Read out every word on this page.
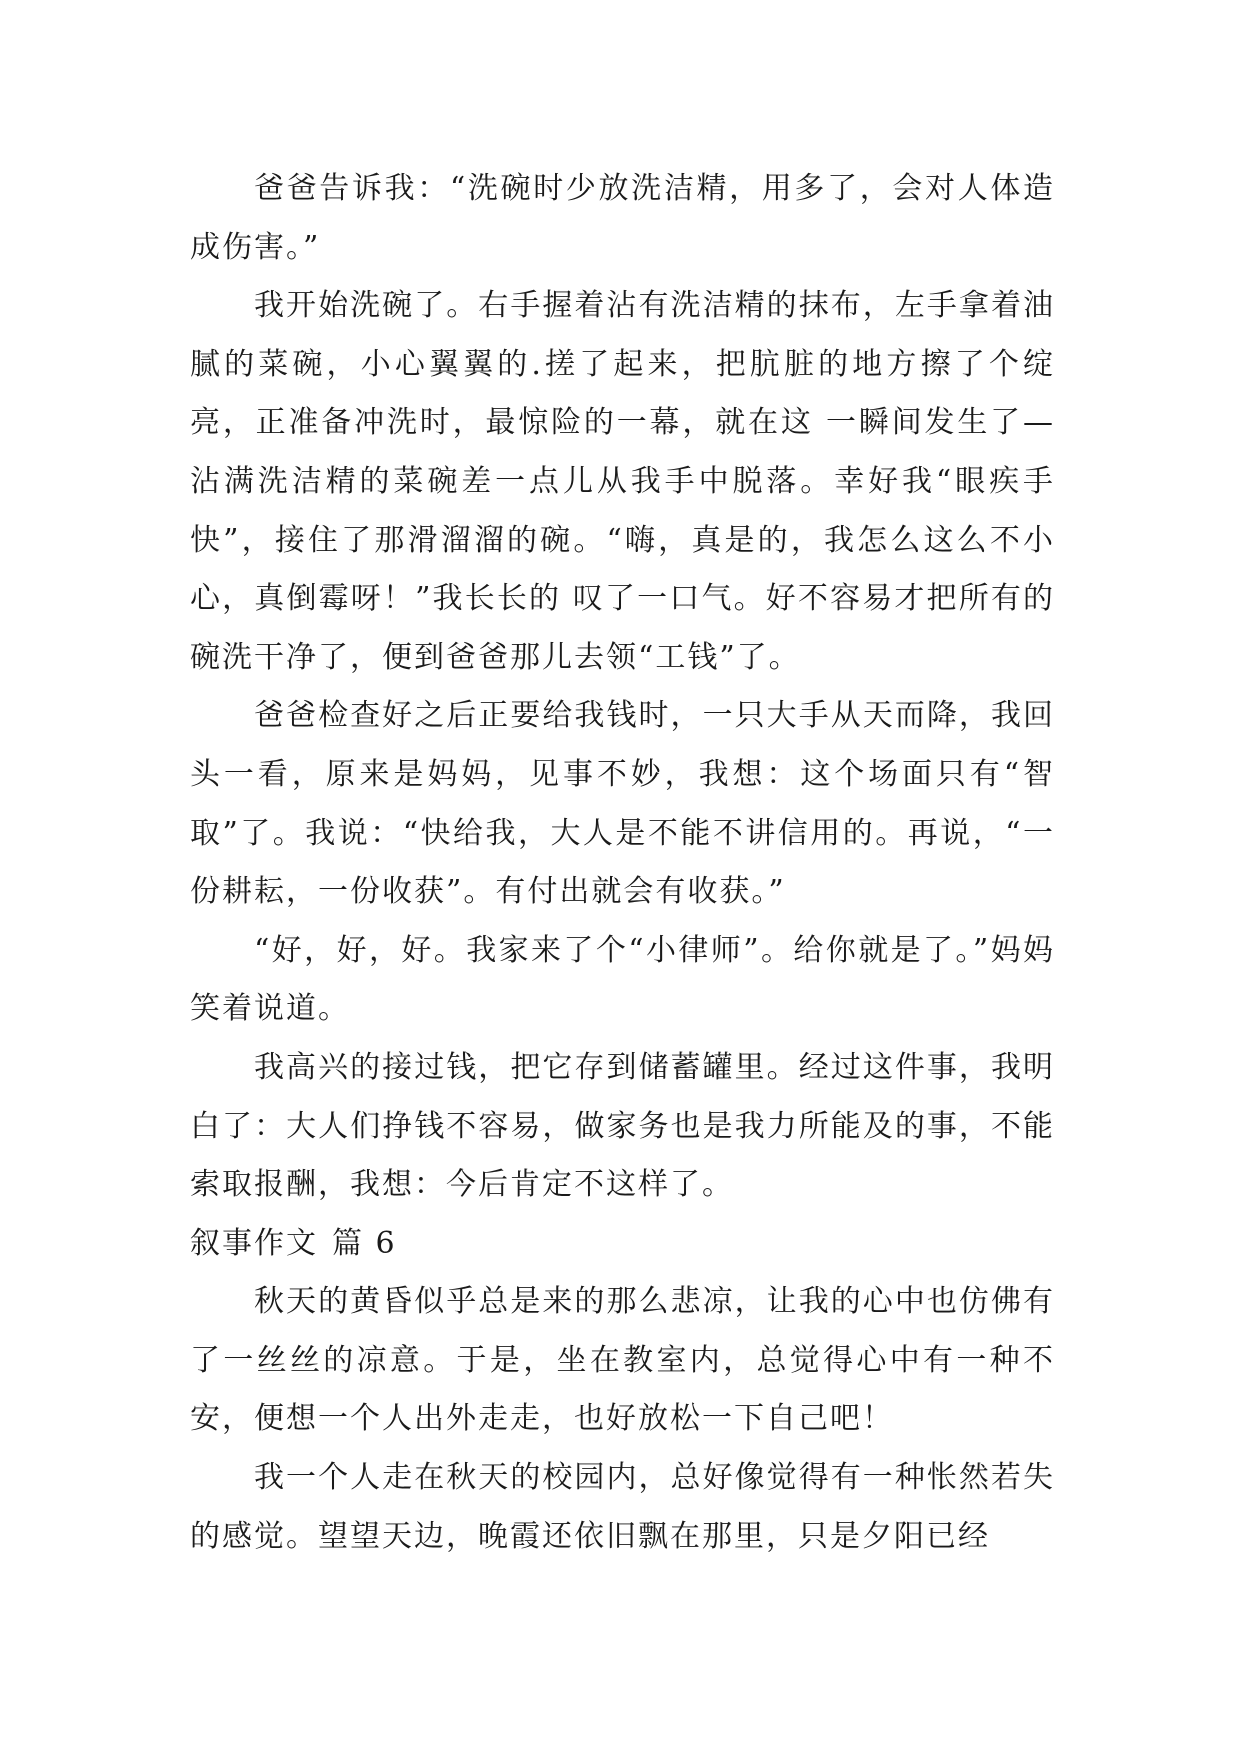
爸爸告诉我：“洗碗时少放洗洁精，用多了，会对人体造成伤害。”

我开始洗碗了。右手握着沾有洗洁精的抹布，左手拿着油腻的菜碗，小心翼翼的.搓了起来，把肮脏的地方擦了个绽亮，正准备冲洗时，最惊险的一幕，就在这 一瞬间发生了—沾满洗洁精的菜碗差一点儿从我手中脱落。幸好我“眼疾手快”，接住了那滑溜溜的碗。“嗨，真是的，我怎么这么不小心，真倒霉呀！”我长长的 叹了一口气。好不容易才把所有的碗洗干净了，便到爸爸那儿去领“工钱”了。

爸爸检查好之后正要给我钱时，一只大手从天而降，我回头一看，原来是妈妈，见事不妙，我想：这个场面只有“智取”了。我说：“快给我，大人是不能不讲信用的。再说，“一份耕耘，一份收获”。有付出就会有收获。”

“好，好，好。我家来了个“小律师”。给你就是了。”妈妈笑着说道。

我高兴的接过钱，把它存到储蓄罐里。经过这件事，我明白了：大人们挣钱不容易，做家务也是我力所能及的事，不能索取报酬，我想：今后肯定不这样了。

叙事作文 篇 6

秋天的黄昏似乎总是来的那么悲凉，让我的心中也仿佛有了一丝丝的凉意。于是，坐在教室内，总觉得心中有一种不安，便想一个人出外走走，也好放松一下自己吧！

我一个人走在秋天的校园内，总好像觉得有一种怅然若失的感觉。望望天边，晚霞还依旧飘在那里，只是夕阳已经
